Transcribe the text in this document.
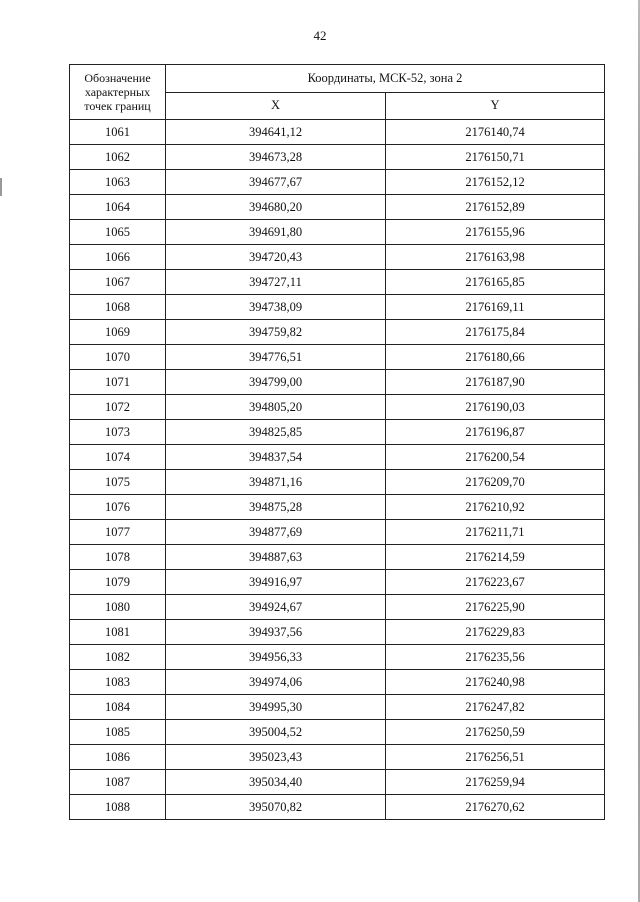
42
Обозначение характерных точек границ	Координаты, МСК-52, зона 2	
	X	Y
1061	394641,12	2176140,74
1062	394673,28	2176150,71
1063	394677,67	2176152,12
1064	394680,20	2176152,89
1065	394691,80	2176155,96
1066	394720,43	2176163,98
1067	394727,11	2176165,85
1068	394738,09	2176169,11
1069	394759,82	2176175,84
1070	394776,51	2176180,66
1071	394799,00	2176187,90
1072	394805,20	2176190,03
1073	394825,85	2176196,87
1074	394837,54	2176200,54
1075	394871,16	2176209,70
1076	394875,28	2176210,92
1077	394877,69	2176211,71
1078	394887,63	2176214,59
1079	394916,97	2176223,67
1080	394924,67	2176225,90
1081	394937,56	2176229,83
1082	394956,33	2176235,56
1083	394974,06	2176240,98
1084	394995,30	2176247,82
1085	395004,52	2176250,59
1086	395023,43	2176256,51
1087	395034,40	2176259,94
1088	395070,82	2176270,62
